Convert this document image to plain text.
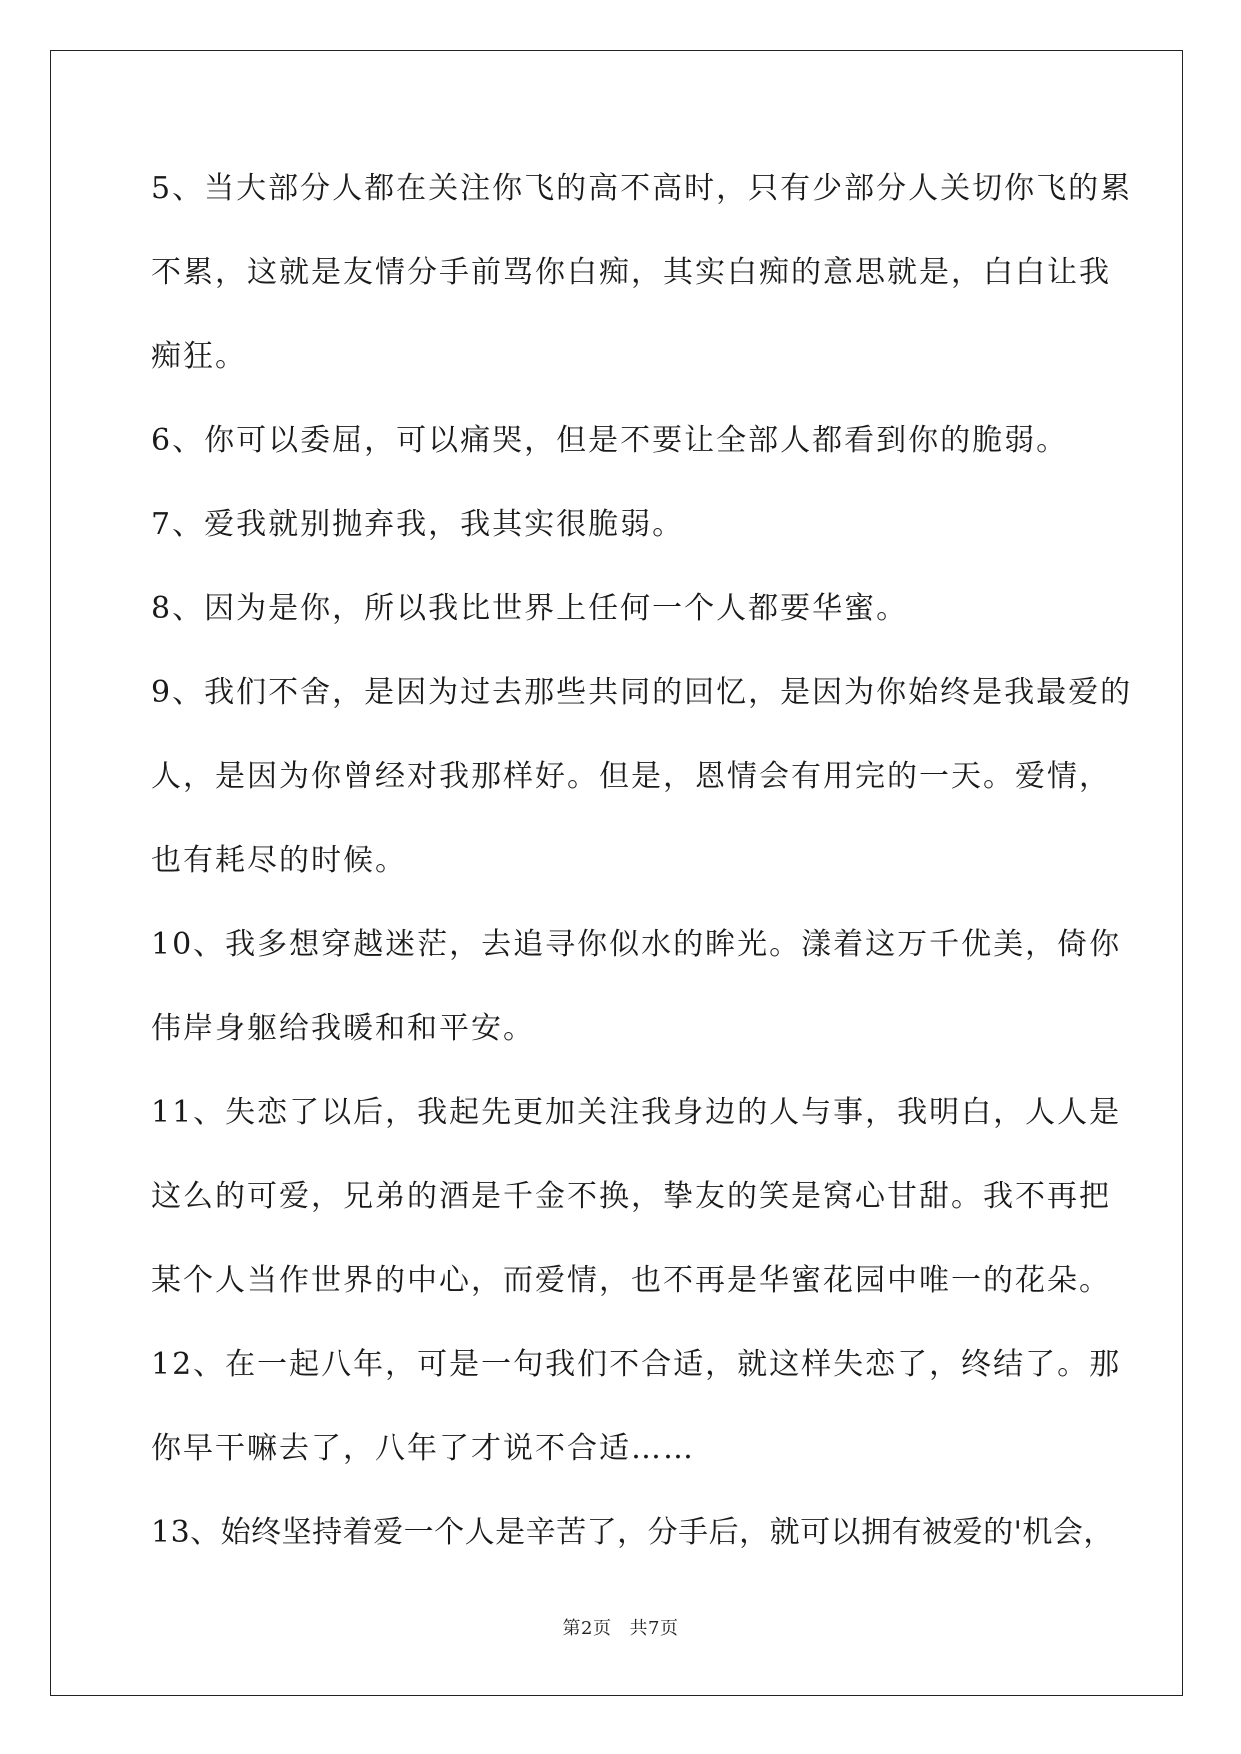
5、当大部分人都在关注你飞的高不高时，只有少部分人关切你飞的累
不累，这就是友情分手前骂你白痴，其实白痴的意思就是，白白让我
痴狂。
6、你可以委屈，可以痛哭，但是不要让全部人都看到你的脆弱。
7、爱我就别抛弃我，我其实很脆弱。
8、因为是你，所以我比世界上任何一个人都要华蜜。
9、我们不舍，是因为过去那些共同的回忆，是因为你始终是我最爱的
人，是因为你曾经对我那样好。但是，恩情会有用完的一天。爱情，
也有耗尽的时候。
10、我多想穿越迷茫，去追寻你似水的眸光。漾着这万千优美，倚你
伟岸身躯给我暖和和平安。
11、失恋了以后，我起先更加关注我身边的人与事，我明白，人人是
这么的可爱，兄弟的酒是千金不换，挚友的笑是窝心甘甜。我不再把
某个人当作世界的中心，而爱情，也不再是华蜜花园中唯一的花朵。
12、在一起八年，可是一句我们不合适，就这样失恋了，终结了。那
你早干嘛去了，八年了才说不合适……
13、始终坚持着爱一个人是辛苦了，分手后，就可以拥有被爱的'机会，
第2页 共7页
